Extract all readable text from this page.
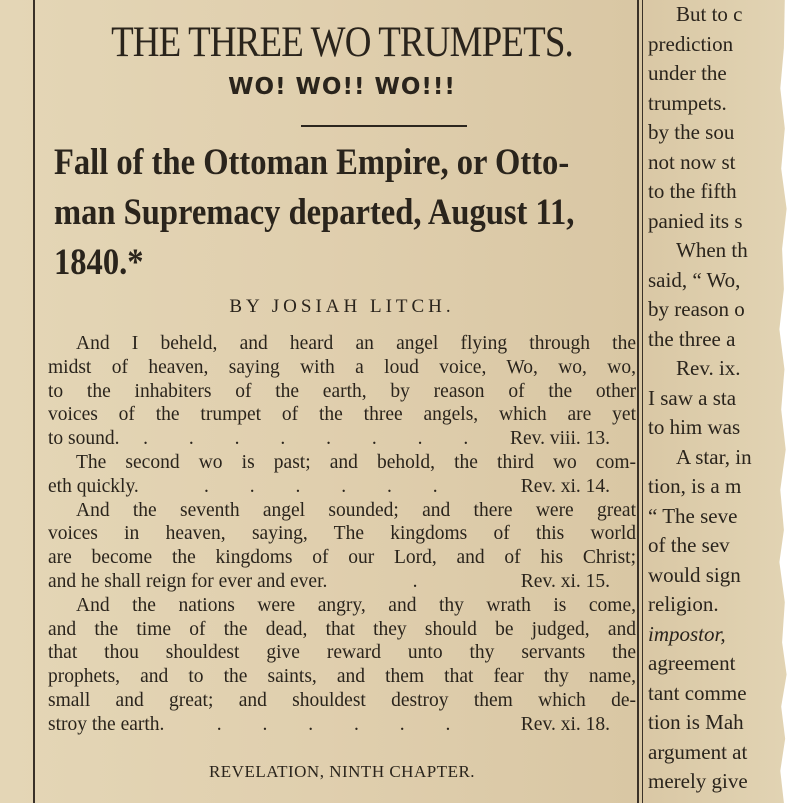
THE THREE WO TRUMPETS.
WO! WO!! WO!!!
Fall of the Ottoman Empire, or Otto-
man Supremacy departed, August 11,
1840.*
BY JOSIAH LITCH.
And I beheld, and heard an angel flying through the
midst of heaven, saying with a loud voice, Wo, wo, wo,
to the inhabiters of the earth, by reason of the other
voices of the trumpet of the three angels, which are yet
to sound.	. . . . . . . .	Rev. viii. 13.
The second wo is past; and behold, the third wo com-
eth quickly.	. . . . . .	Rev. xi. 14.
And the seventh angel sounded; and there were great
voices in heaven, saying, The kingdoms of this world
are become the kingdoms of our Lord, and of his Christ;
and he shall reign for ever and ever.	.	Rev. xi. 15.
And the nations were angry, and thy wrath is come,
and the time of the dead, that they should be judged, and
that thou shouldest give reward unto thy servants the
prophets, and to the saints, and them that fear thy name,
small and great; and shouldest destroy them which de-
stroy the earth.	. . . . . .	Rev. xi. 18.
REVELATION, NINTH CHAPTER.
But to c
prediction
under the
trumpets.
by the sou
not now st
to the fifth
panied its s
When th
said, “ Wo,
by reason o
the three a
Rev. ix.
I saw a sta
to him was
A star, in
tion, is a m
“ The seve
of the sev
would sign
religion.
impostor,
agreement
tant comme
tion is Mah
argument at
merely give
